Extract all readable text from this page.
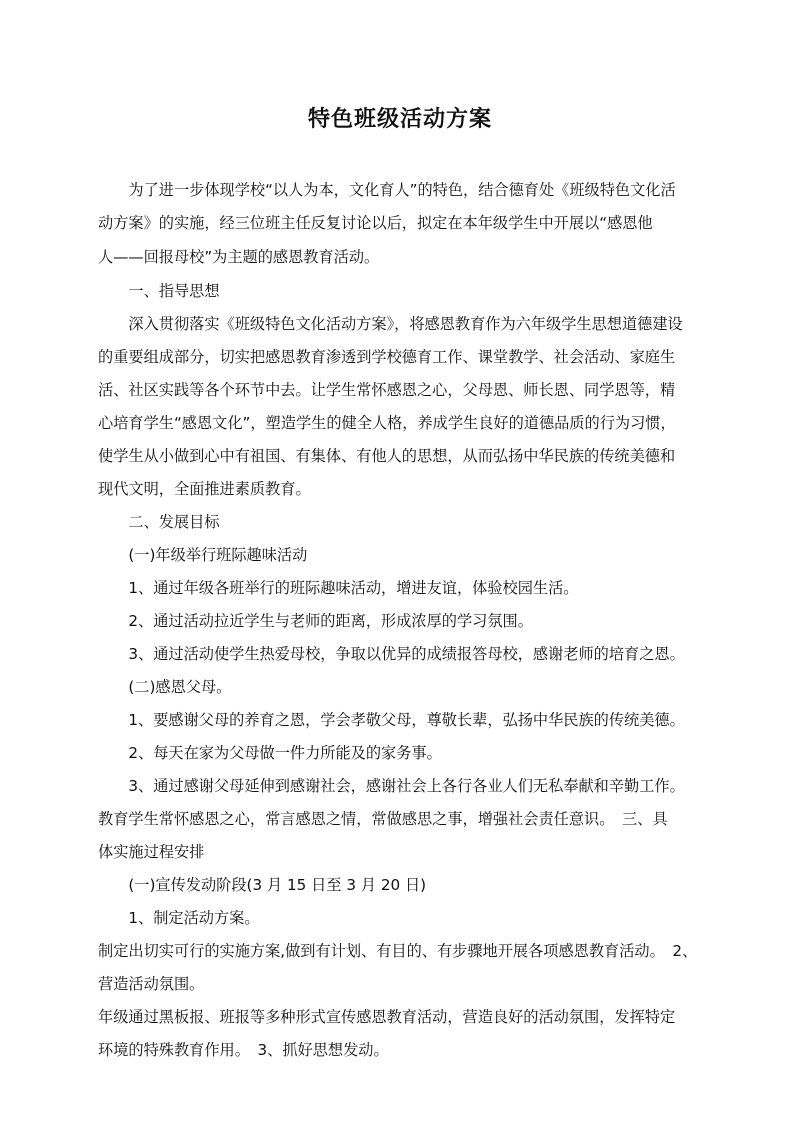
特色班级活动方案
　　为了进一步体现学校“以人为本，文化育人”的特色，结合德育处《班级特色文化活
动方案》的实施，经三位班主任反复讨论以后，拟定在本年级学生中开展以“感恩他
人——回报母校”为主题的感恩教育活动。
　　一、指导思想
　　深入贯彻落实《班级特色文化活动方案》，将感恩教育作为六年级学生思想道德建设
的重要组成部分，切实把感恩教育渗透到学校德育工作、课堂教学、社会活动、家庭生
活、社区实践等各个环节中去。让学生常怀感恩之心，父母恩、师长恩、同学恩等，精
心培育学生“感恩文化”，塑造学生的健全人格，养成学生良好的道德品质的行为习惯，
使学生从小做到心中有祖国、有集体、有他人的思想，从而弘扬中华民族的传统美德和
现代文明，全面推进素质教育。
　　二、发展目标
　　(一)年级举行班际趣味活动
　　1、通过年级各班举行的班际趣味活动，增进友谊，体验校园生活。
　　2、通过活动拉近学生与老师的距离，形成浓厚的学习氛围。
　　3、通过活动使学生热爱母校，争取以优异的成绩报答母校，感谢老师的培育之恩。
　　(二)感恩父母。
　　1、要感谢父母的养育之恩，学会孝敬父母，尊敬长辈，弘扬中华民族的传统美德。
　　2、每天在家为父母做一件力所能及的家务事。
　　3、通过感谢父母延伸到感谢社会，感谢社会上各行各业人们无私奉献和辛勤工作。
教育学生常怀感恩之心，常言感恩之情，常做感思之事，增强社会责任意识。　三、具
体实施过程安排
　　(一)宣传发动阶段(3 月 15 日至 3 月 20 日)
　　1、制定活动方案。
制定出切实可行的实施方案,做到有计划、有目的、有步骤地开展各项感恩教育活动。　2、
营造活动氛围。
年级通过黑板报、班报等多种形式宣传感恩教育活动，营造良好的活动氛围，发挥特定
环境的特殊教育作用。　3、抓好思想发动。
